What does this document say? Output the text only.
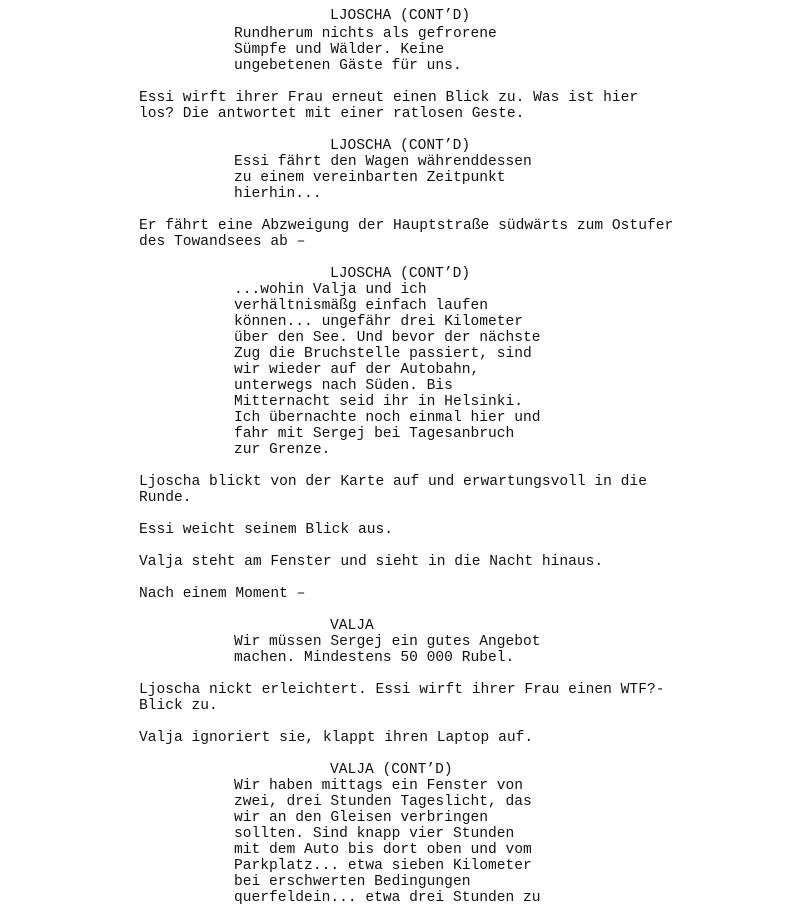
LJOSCHA (CONT’D)
Rundherum nichts als gefrorene
Sümpfe und Wälder. Keine
ungebetenen Gäste für uns.
Essi wirft ihrer Frau erneut einen Blick zu. Was ist hier
los? Die antwortet mit einer ratlosen Geste.
LJOSCHA (CONT’D)
Essi fährt den Wagen währenddessen
zu einem vereinbarten Zeitpunkt
hierhin...
Er fährt eine Abzweigung der Hauptstraße südwärts zum Ostufer
des Towandsees ab –
LJOSCHA (CONT’D)
...wohin Valja und ich
verhältnismäßg einfach laufen
können... ungefähr drei Kilometer
über den See. Und bevor der nächste
Zug die Bruchstelle passiert, sind
wir wieder auf der Autobahn,
unterwegs nach Süden. Bis
Mitternacht seid ihr in Helsinki.
Ich übernachte noch einmal hier und
fahr mit Sergej bei Tagesanbruch
zur Grenze.
Ljoscha blickt von der Karte auf und erwartungsvoll in die
Runde.
Essi weicht seinem Blick aus.
Valja steht am Fenster und sieht in die Nacht hinaus.
Nach einem Moment –
VALJA
Wir müssen Sergej ein gutes Angebot
machen. Mindestens 50 000 Rubel.
Ljoscha nickt erleichtert. Essi wirft ihrer Frau einen WTF?-
Blick zu.
Valja ignoriert sie, klappt ihren Laptop auf.
VALJA (CONT’D)
Wir haben mittags ein Fenster von
zwei, drei Stunden Tageslicht, das
wir an den Gleisen verbringen
sollten. Sind knapp vier Stunden
mit dem Auto bis dort oben und vom
Parkplatz... etwa sieben Kilometer
bei erschwerten Bedingungen
querfeldein... etwa drei Stunden zu
